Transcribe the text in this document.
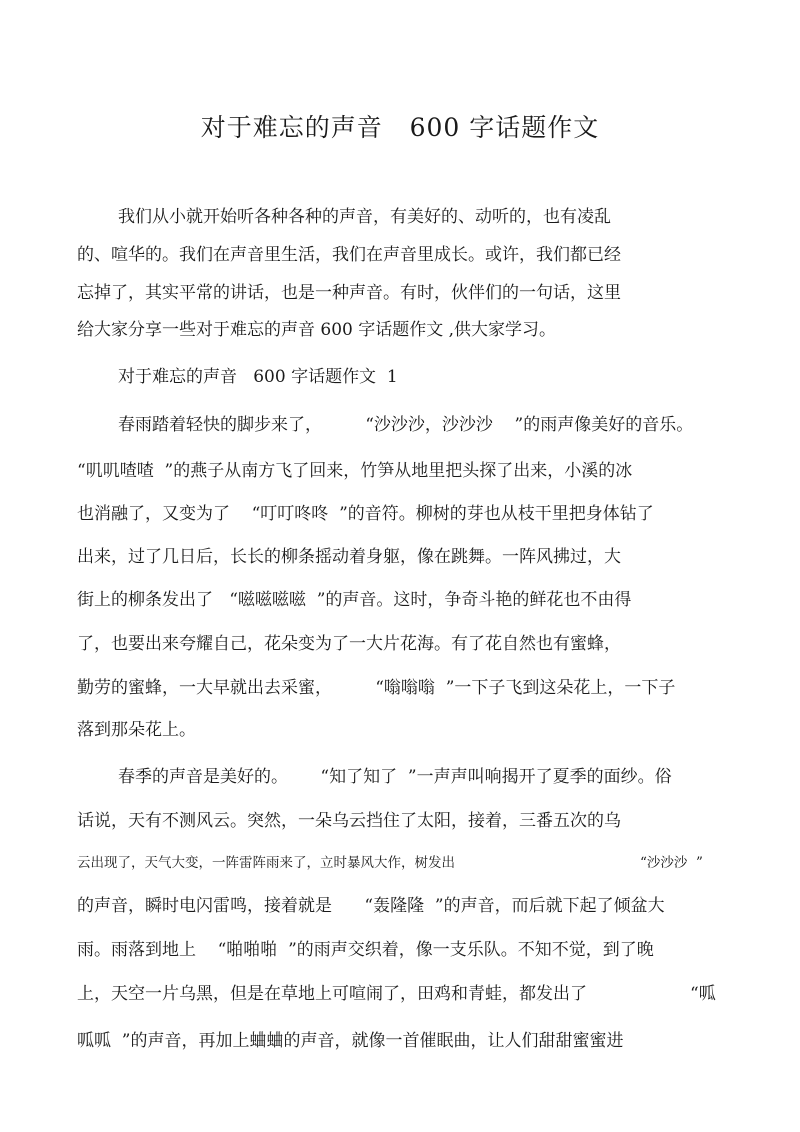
对于难忘的声音   600 字话题作文
我们从小就开始听各种各种的声音，有美好的、动听的，也有凌乱
的、喧华的。我们在声音里生活，我们在声音里成长。或许，我们都已经
忘掉了，其实平常的讲话，也是一种声音。有时，伙伴们的一句话，这里
给大家分享一些对于难忘的声音 600 字话题作文 ,供大家学习。
对于难忘的声音   600 字话题作文  1
春雨踏着轻快的脚步来了，        “沙沙沙，沙沙沙    ”的雨声像美好的音乐。
“叽叽喳喳  ”的燕子从南方飞了回来，竹笋从地里把头探了出来，小溪的冰
也消融了，又变为了    “叮叮咚咚  ”的音符。柳树的芽也从枝干里把身体钻了
出来，过了几日后，长长的柳条摇动着身躯，像在跳舞。一阵风拂过，大
街上的柳条发出了   “嗞嗞嗞嗞  ”的声音。这时，争奇斗艳的鲜花也不由得
了，也要出来夸耀自己，花朵变为了一大片花海。有了花自然也有蜜蜂，
勤劳的蜜蜂，一大早就出去采蜜，        “嗡嗡嗡  ”一下子飞到这朵花上，一下子
落到那朵花上。
春季的声音是美好的。      “知了知了  ”一声声叫响揭开了夏季的面纱。俗
话说，天有不测风云。突然，一朵乌云挡住了太阳，接着，三番五次的乌
云出现了，天气大变，一阵雷阵雨来了，立时暴风大作，树发出	“沙沙沙  ”
的声音，瞬时电闪雷鸣，接着就是      “轰隆隆  ”的声音，而后就下起了倾盆大
雨。雨落到地上    “啪啪啪  ”的雨声交织着，像一支乐队。不知不觉，到了晚
上，天空一片乌黑，但是在草地上可喧闹了，田鸡和青蛙，都发出了	“呱
呱呱  ”的声音，再加上蛐蛐的声音，就像一首催眠曲，让人们甜甜蜜蜜进
